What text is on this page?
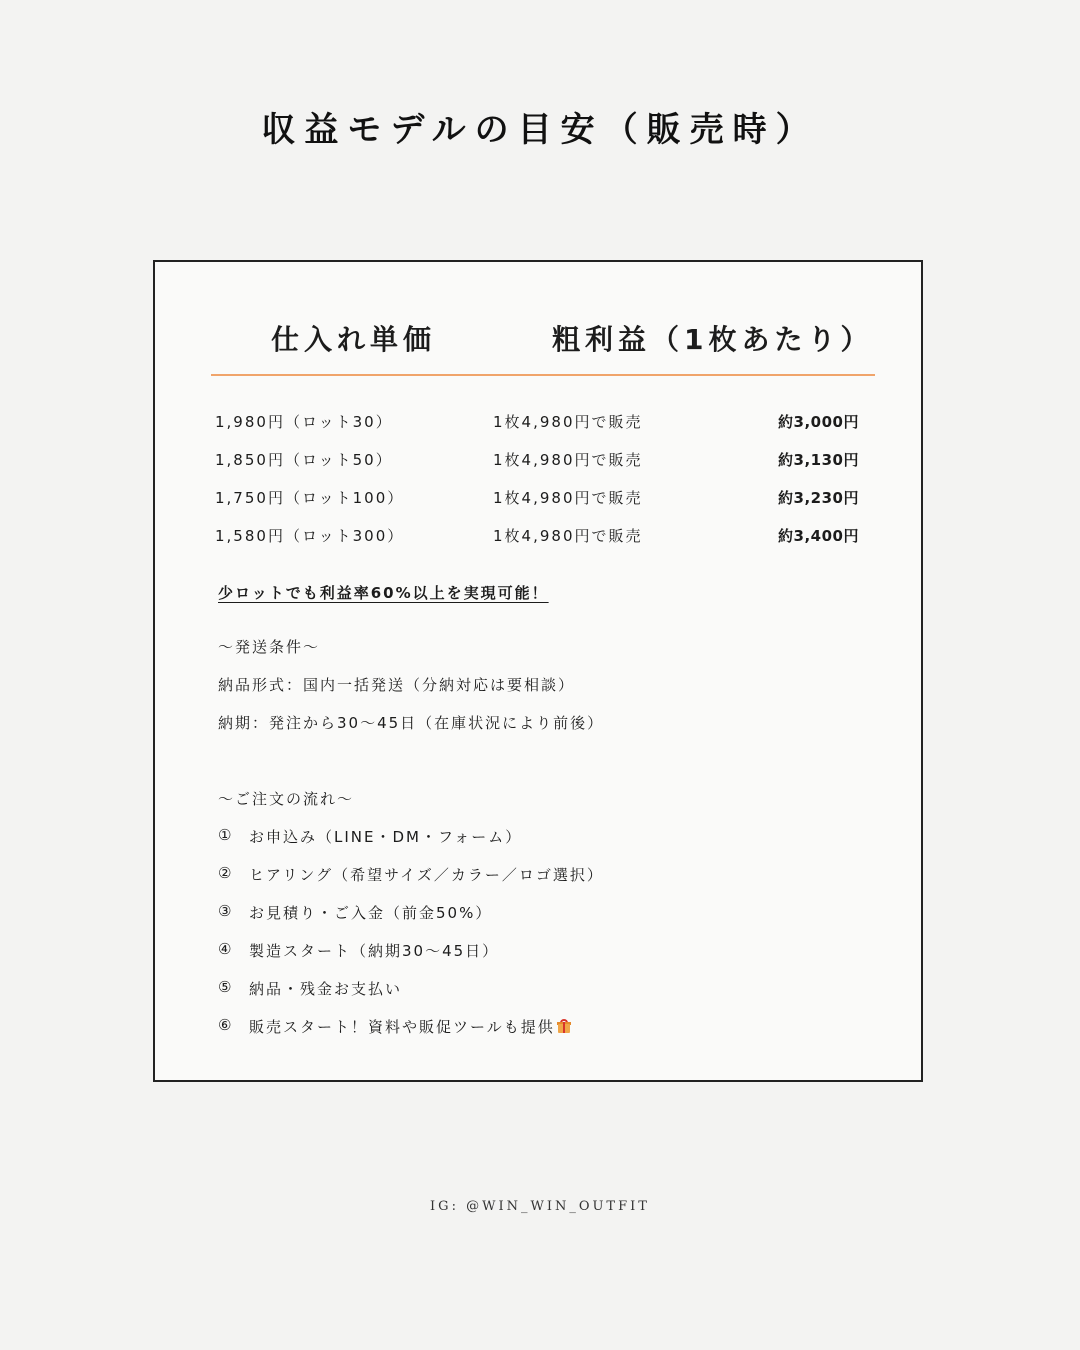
収益モデルの目安（販売時）
仕入れ単価	粗利益（1枚あたり）
1,980円（ロット30）	1枚4,980円で販売	約3,000円
1,850円（ロット50）	1枚4,980円で販売	約3,130円
1,750円（ロット100）	1枚4,980円で販売	約3,230円
1,580円（ロット300）	1枚4,980円で販売	約3,400円
少ロットでも利益率60%以上を実現可能！
〜発送条件〜
納品形式：国内一括発送（分納対応は要相談）
納期：発注から30〜45日（在庫状況により前後）
〜ご注文の流れ〜
①	お申込み（LINE・DM・フォーム）
②	ヒアリング（希望サイズ／カラー／ロゴ選択）
③	お見積り・ご入金（前金50%）
④	製造スタート（納期30〜45日）
⑤	納品・残金お支払い
⑥	販売スタート！資料や販促ツールも提供
IG: @WIN_WIN_OUTFIT
